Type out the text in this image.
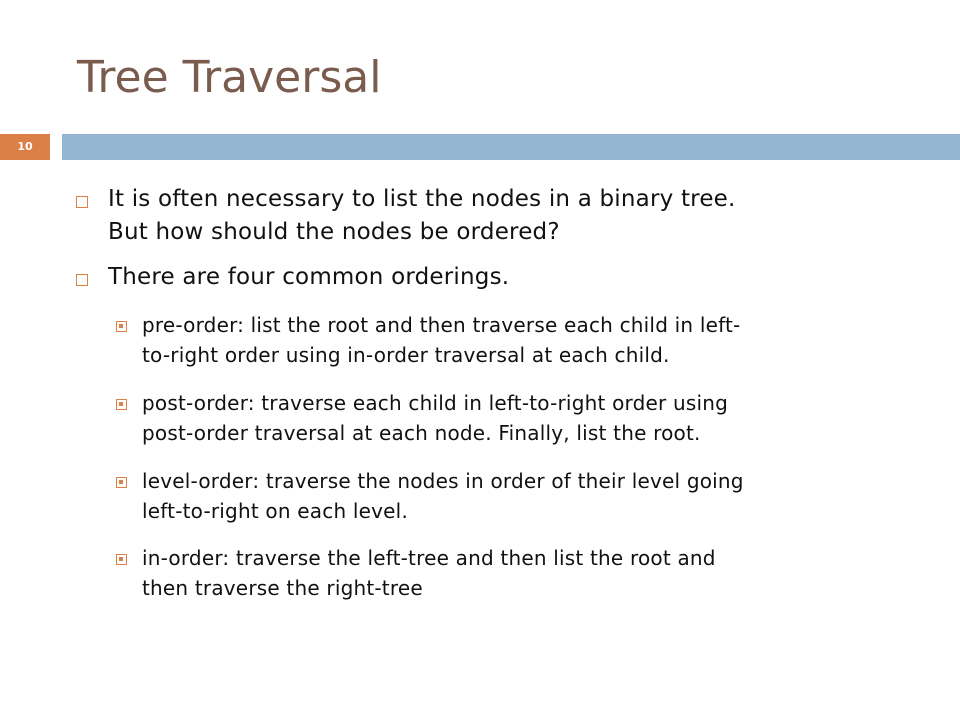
Tree Traversal
10
It is often necessary to list the nodes in a binary tree.
But how should the nodes be ordered?
There are four common orderings.
pre-order: list the root and then traverse each child in left-
to-right order using in-order traversal at each child.
post-order: traverse each child in left-to-right order using
post-order traversal at each node. Finally, list the root.
level-order: traverse the nodes in order of their level going
left-to-right on each level.
in-order: traverse the left-tree and then list the root and
then traverse the right-tree
